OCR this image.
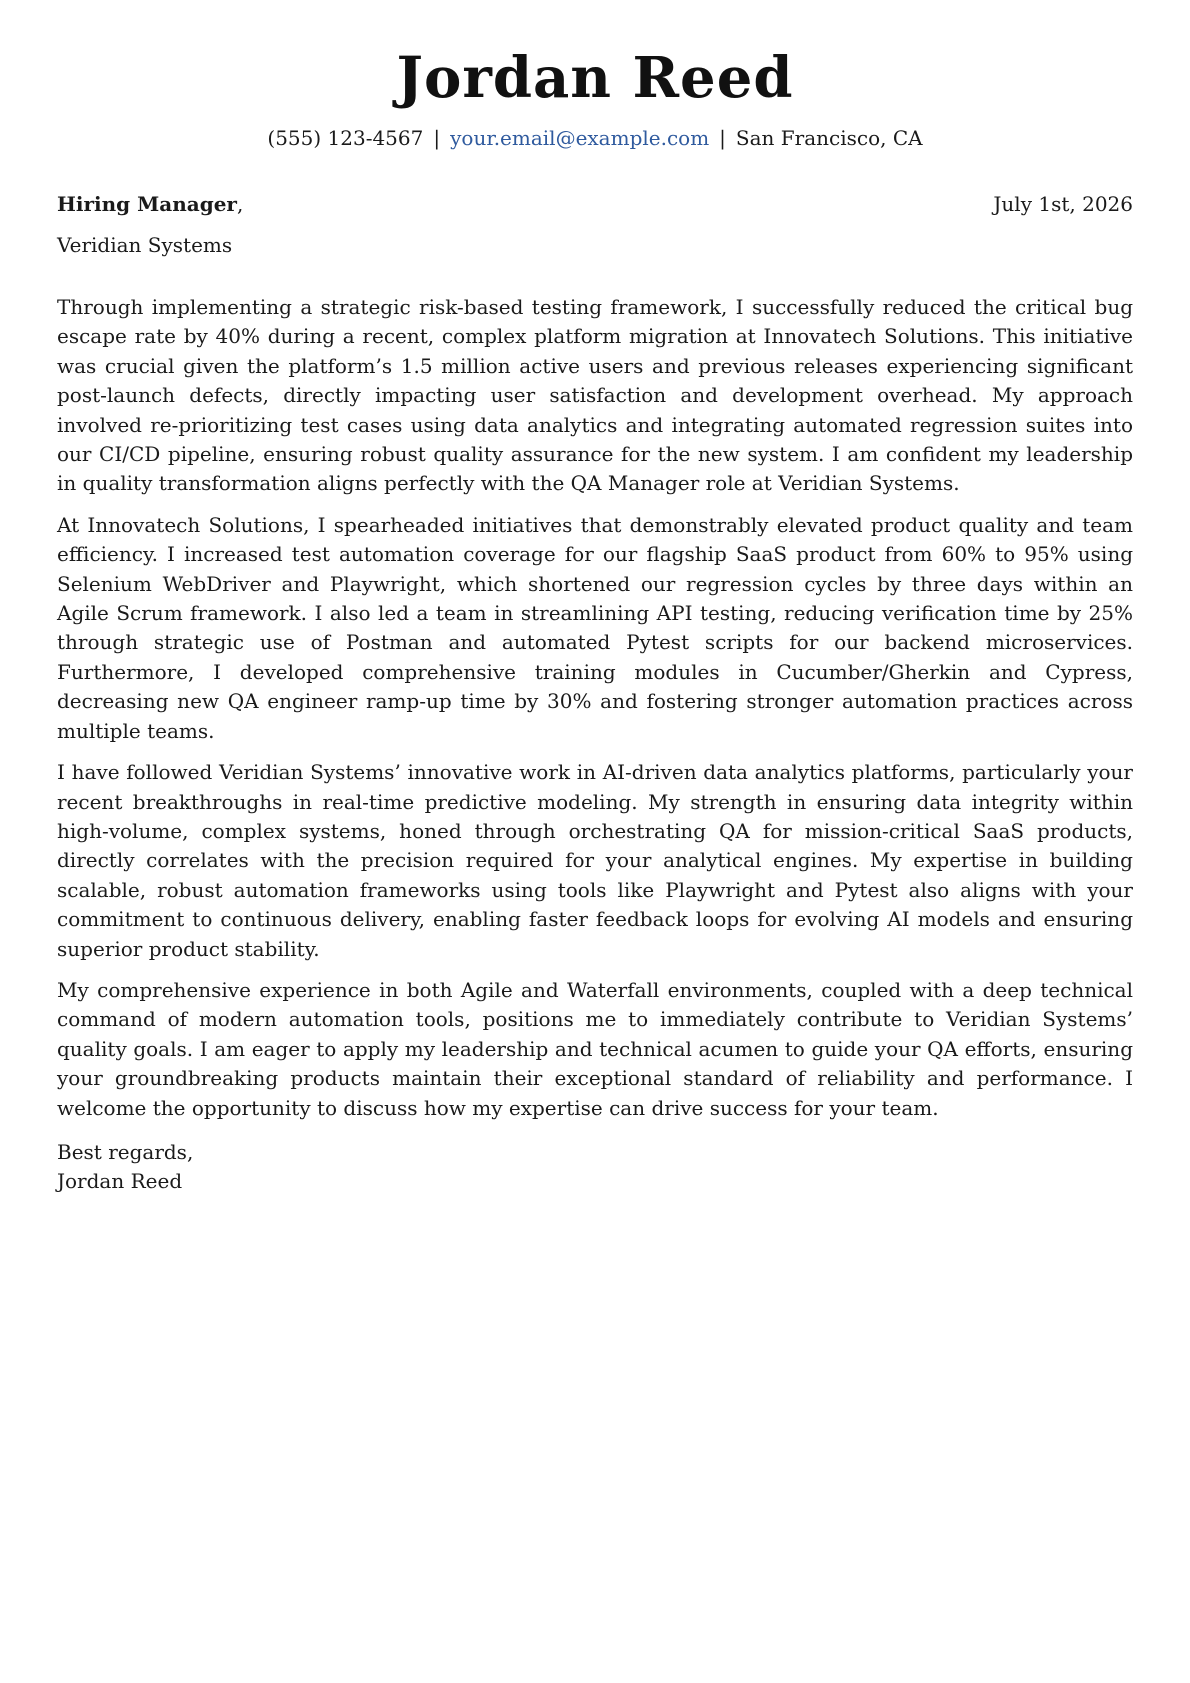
Jordan Reed
(555) 123-4567 | your.email@example.com | San Francisco, CA
Hiring Manager,	July 1st, 2026
Veridian Systems

Through implementing a strategic risk-based testing framework, I successfully reduced the critical bug escape rate by 40% during a recent, complex platform migration at Innovatech Solutions. This initiative was crucial given the platform’s 1.5 million active users and previous releases experiencing significant post-launch defects, directly impacting user satisfaction and development overhead. My approach involved re-prioritizing test cases using data analytics and integrating automated regression suites into our CI/CD pipeline, ensuring robust quality assurance for the new system. I am confident my leadership in quality transformation aligns perfectly with the QA Manager role at Veridian Systems.

At Innovatech Solutions, I spearheaded initiatives that demonstrably elevated product quality and team efficiency. I increased test automation coverage for our flagship SaaS product from 60% to 95% using Selenium WebDriver and Playwright, which shortened our regression cycles by three days within an Agile Scrum framework. I also led a team in streamlining API testing, reducing verification time by 25% through strategic use of Postman and automated Pytest scripts for our backend microservices. Furthermore, I developed comprehensive training modules in Cucumber/Gherkin and Cypress, decreasing new QA engineer ramp-up time by 30% and fostering stronger automation practices across multiple teams.

I have followed Veridian Systems’ innovative work in AI-driven data analytics platforms, particularly your recent breakthroughs in real-time predictive modeling. My strength in ensuring data integrity within high-volume, complex systems, honed through orchestrating QA for mission-critical SaaS products, directly correlates with the precision required for your analytical engines. My expertise in building scalable, robust automation frameworks using tools like Playwright and Pytest also aligns with your commitment to continuous delivery, enabling faster feedback loops for evolving AI models and ensuring superior product stability.

My comprehensive experience in both Agile and Waterfall environments, coupled with a deep technical command of modern automation tools, positions me to immediately contribute to Veridian Systems’ quality goals. I am eager to apply my leadership and technical acumen to guide your QA efforts, ensuring your groundbreaking products maintain their exceptional standard of reliability and performance. I welcome the opportunity to discuss how my expertise can drive success for your team.

Best regards,
Jordan Reed
